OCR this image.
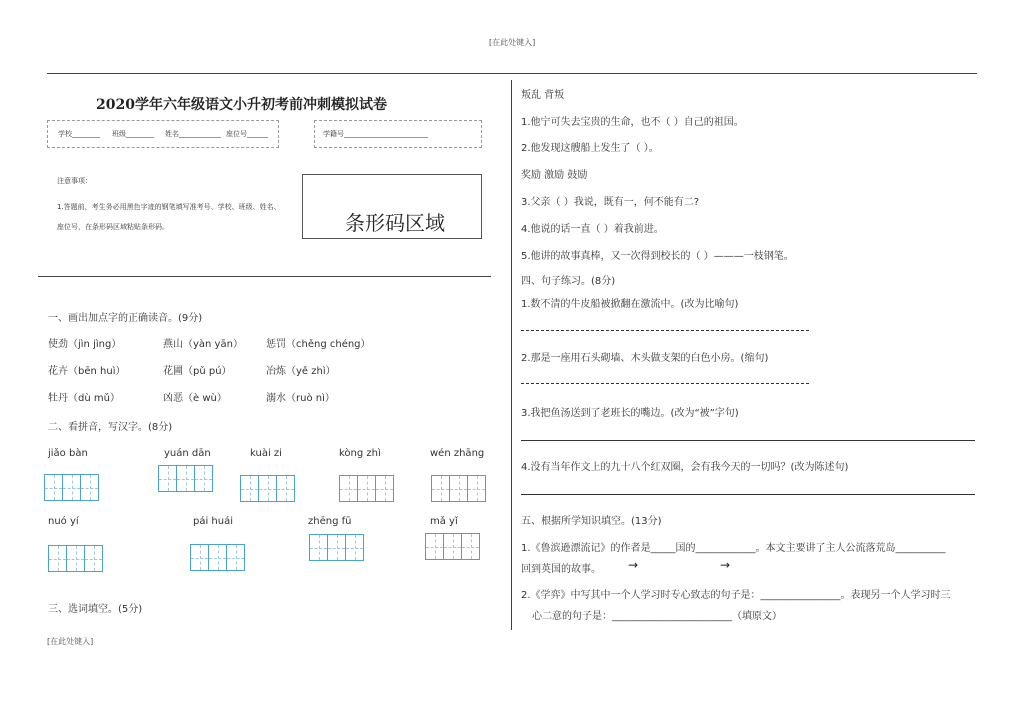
[在此处键入]
2020学年六年级语文小升初考前冲刺模拟试卷
学校________ 班级________ 姓名____________ 座位号______	学籍号________________________
注意事项：
1.答题前，考生务必用黑色字迹的钢笔填写准考号、学校、班级、姓名、
座位号，在条形码区域粘贴条形码。	条形码区域
一、画出加点字的正确读音。(9分)
使劲（jìn jìng）	燕山（yàn yān） 惩罚（chěng chéng）
花卉（bēn huì）	花圃（pǔ pú）	冶炼（yě zhì）
牡丹（dù mǔ）	凶恶（è wù）	溺水（ruò nì）
二、看拼音，写汉字。(8分)
jiǎo bàn	yuán dān	kuài zi	kòng zhì	wén zhāng
nuó yí	pái huái	zhēng fū	mǎ yǐ
三、选词填空。(5分)
[在此处键入]
叛乱 背叛
1.他宁可失去宝贵的生命，也不（ ）自己的祖国。
2.他发现这艘船上发生了（ ）。
奖励 激励 鼓励
3.父亲（ ）我说，既有一，何不能有二?
4.他说的话一直（ ）着我前进。
5.他讲的故事真棒，又一次得到校长的（ ）———一枝钢笔。
四、句子练习。(8分)
1.数不清的牛皮船被掀翻在激流中。(改为比喻句)
2.那是一座用石头砌墙、木头做支架的白色小房。(缩句)
3.我把鱼汤送到了老班长的嘴边。(改为“被”字句)
4.没有当年作文上的九十八个红双圈，会有我今天的一切吗？(改为陈述句)
五、根据所学知识填空。(13分)
1.《鲁滨逊漂流记》的作者是_____国的____________。本文主要讲了主人公流落荒岛__________
回到英国的故事。 →	→
2.《学弈》中写其中一个人学习时专心致志的句子是：________________。表现另一个人学习时三
心二意的句子是：________________________（填原文）
